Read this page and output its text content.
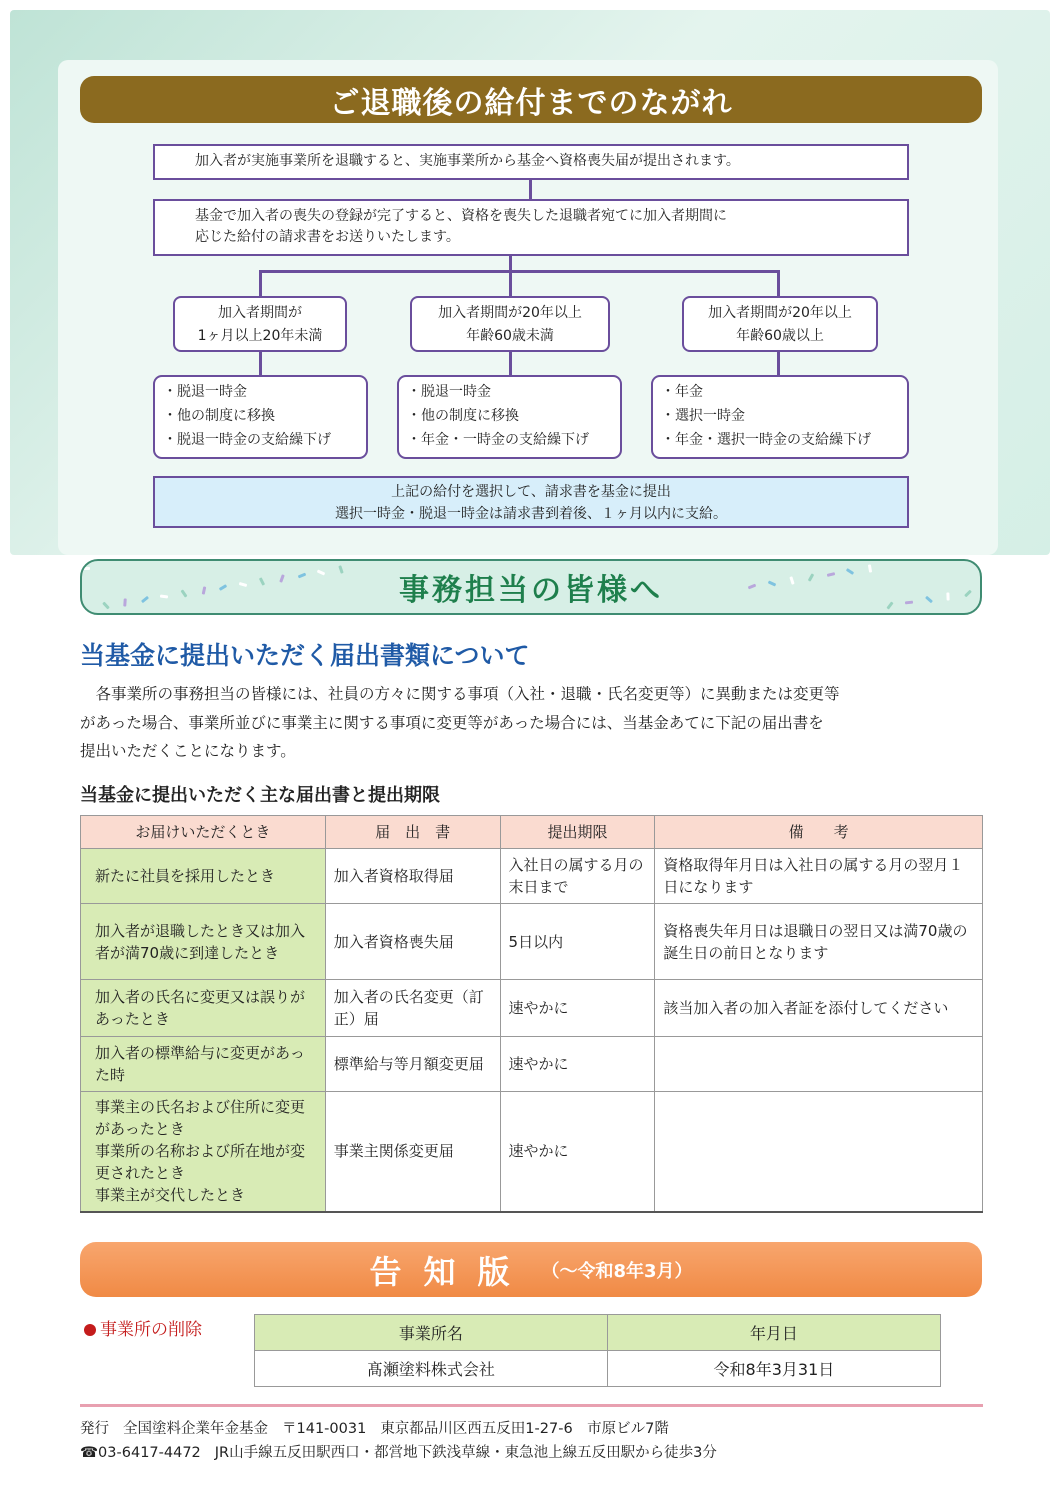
ご退職後の給付までのながれ
加入者が実施事業所を退職すると、実施事業所から基金へ資格喪失届が提出されます。
基金で加入者の喪失の登録が完了すると、資格を喪失した退職者宛てに加入者期間に
応じた給付の請求書をお送りいたします。
加入者期間が
1ヶ月以上20年未満
加入者期間が20年以上
年齢60歳未満
加入者期間が20年以上
年齢60歳以上
・脱退一時金
・他の制度に移換
・脱退一時金の支給繰下げ
・脱退一時金
・他の制度に移換
・年金・一時金の支給繰下げ
・年金
・選択一時金
・年金・選択一時金の支給繰下げ
上記の給付を選択して、請求書を基金に提出
選択一時金・脱退一時金は請求書到着後、１ヶ月以内に支給。
事務担当の皆様へ
当基金に提出いただく届出書類について

　各事業所の事務担当の皆様には、社員の方々に関する事項（入社・退職・氏名変更等）に異動または変更等

があった場合、事業所並びに事業主に関する事項に変更等があった場合には、当基金あてに下記の届出書を

提出いただくことになります。

当基金に提出いただく主な届出書と提出期限
お届けいただくとき	届　出　書	提出期限	備　　考
新たに社員を採用したとき	加入者資格取得届	入社日の属する月の末日まで	資格取得年月日は入社日の属する月の翌月１日になります
加入者が退職したとき又は加入者が満70歳に到達したとき	加入者資格喪失届	5日以内	資格喪失年月日は退職日の翌日又は満70歳の誕生日の前日となります
加入者の氏名に変更又は誤りがあったとき	加入者の氏名変更（訂正）届	速やかに	該当加入者の加入者証を添付してください
加入者の標準給与に変更があった時	標準給与等月額変更届	速やかに	

事業主の氏名および住所に変更があったとき
事業所の名称および所在地が変更されたとき
事業主が交代したとき	事業主関係変更届	速やかに	
告知版 （～令和8年3月）
事業所の削除	事業所名	年月日
髙瀬塗料株式会社	令和8年3月31日
発行 全国塗料企業年金基金 〒141-0031 東京都品川区西五反田1-27-6　市原ビル7階
☎03-6417-4472 JR山手線五反田駅西口・都営地下鉄浅草線・東急池上線五反田駅から徒歩3分
